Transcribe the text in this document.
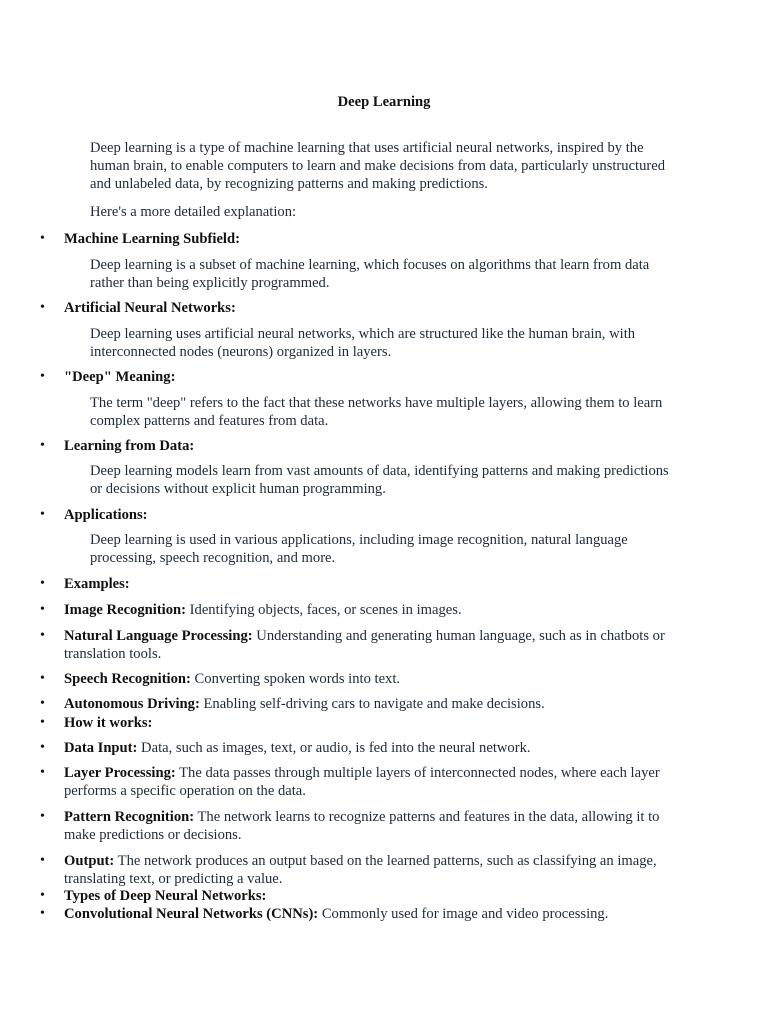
Deep Learning
Deep learning is a type of machine learning that uses artificial neural networks, inspired by the human brain, to enable computers to learn and make decisions from data, particularly unstructured and unlabeled data, by recognizing patterns and making predictions.
Here's a more detailed explanation:
•	Machine Learning Subfield:
Deep learning is a subset of machine learning, which focuses on algorithms that learn from data rather than being explicitly programmed.
•	Artificial Neural Networks:
Deep learning uses artificial neural networks, which are structured like the human brain, with interconnected nodes (neurons) organized in layers.
•	"Deep" Meaning:
The term "deep" refers to the fact that these networks have multiple layers, allowing them to learn complex patterns and features from data.
•	Learning from Data:
Deep learning models learn from vast amounts of data, identifying patterns and making predictions or decisions without explicit human programming.
•	Applications:
Deep learning is used in various applications, including image recognition, natural language processing, speech recognition, and more.
•	Examples:
•	Image Recognition: Identifying objects, faces, or scenes in images.
•	Natural Language Processing: Understanding and generating human language, such as in chatbots or translation tools.
•	Speech Recognition: Converting spoken words into text.
•	Autonomous Driving: Enabling self-driving cars to navigate and make decisions.
•	How it works:
•	Data Input: Data, such as images, text, or audio, is fed into the neural network.
•	Layer Processing: The data passes through multiple layers of interconnected nodes, where each layer performs a specific operation on the data.
•	Pattern Recognition: The network learns to recognize patterns and features in the data, allowing it to make predictions or decisions.
•	Output: The network produces an output based on the learned patterns, such as classifying an image, translating text, or predicting a value.
•	Types of Deep Neural Networks:
•	Convolutional Neural Networks (CNNs): Commonly used for image and video processing.
